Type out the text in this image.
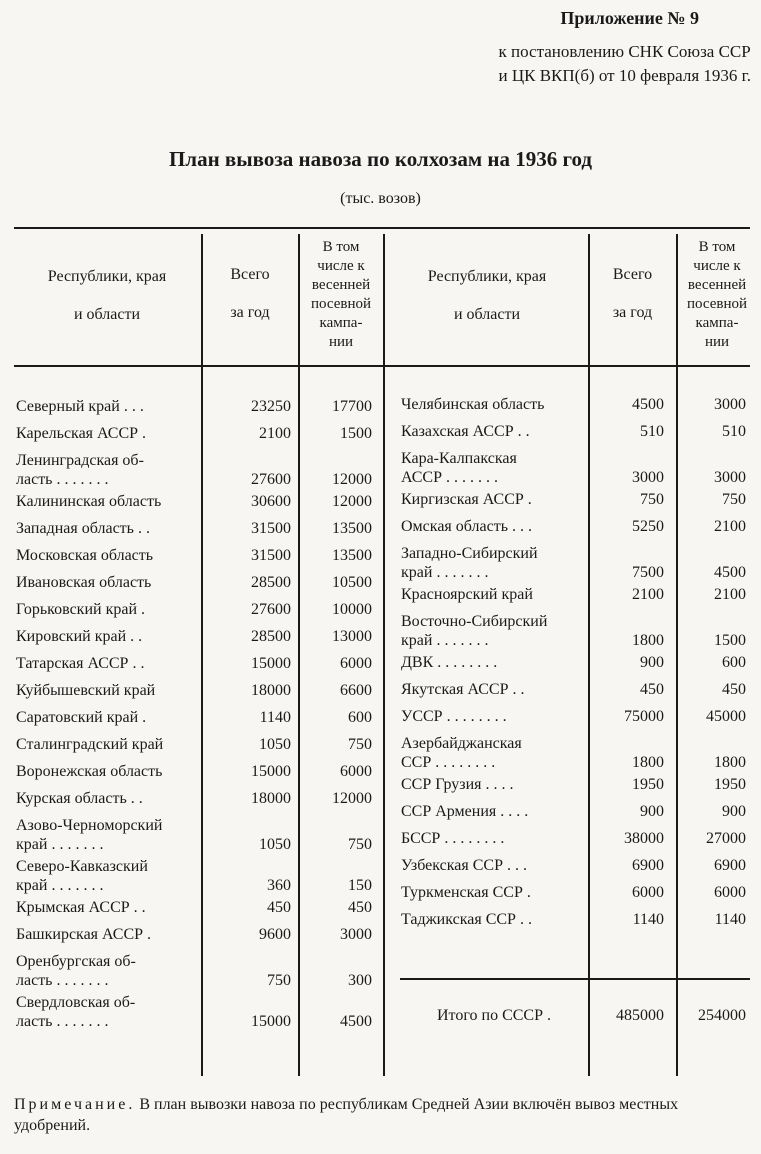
Приложение № 9
к постановлению СНК Союза ССР
и ЦК ВКП(б) от 10 февраля 1936 г.
План вывоза навоза по колхозам на 1936 год
(тыс. возов)
Республики, края
и области
Всего
за год
В том
числе к
весенней
посевной
кампа-
нии
Республики, края
и области
Всего
за год
В том
числе к
весенней
посевной
кампа-
нии
Северный край . . .	23250	17700
Карельская АССР .	2100	1500
Ленинградская об-
ласть . . . . . . .	27600	12000
Калининская область	30600	12000
Западная область . .	31500	13500
Московская область	31500	13500
Ивановская область	28500	10500
Горьковский край .	27600	10000
Кировский край . .	28500	13000
Татарская АССР . .	15000	6000
Куйбышевский край	18000	6600
Саратовский край .	1140	600
Сталинградский край	1050	750
Воронежская область	15000	6000
Курская область . .	18000	12000
Азово-Черноморский
край . . . . . . .	1050	750
Северо-Кавказский
край . . . . . . .	360	150
Крымская АССР . .	450	450
Башкирская АССР .	9600	3000
Оренбургская об-
ласть . . . . . . .	750	300
Свердловская об-
ласть . . . . . . .	15000	4500
Челябинская область	4500	3000
Казахская АССР . .	510	510
Кара-Калпакская
АССР . . . . . . .	3000	3000
Киргизская АССР .	750	750
Омская область . . .	5250	2100
Западно-Сибирский
край . . . . . . .	7500	4500
Красноярский край	2100	2100
Восточно-Сибирский
край . . . . . . .	1800	1500
ДВК . . . . . . . .	900	600
Якутская АССР . .	450	450
УССР . . . . . . . .	75000	45000
Азербайджанская
ССР . . . . . . . .	1800	1800
ССР Грузия . . . .	1950	1950
ССР Армения . . . .	900	900
БССР . . . . . . . .	38000	27000
Узбекская ССР . . .	6900	6900
Туркменская ССР .	6000	6000
Таджикская ССР . .	1140	1140
Итого по СССР .	485000 254000
Примечание. В план вывозки навоза по республикам Средней Азии включён вывоз местных удобрений.
